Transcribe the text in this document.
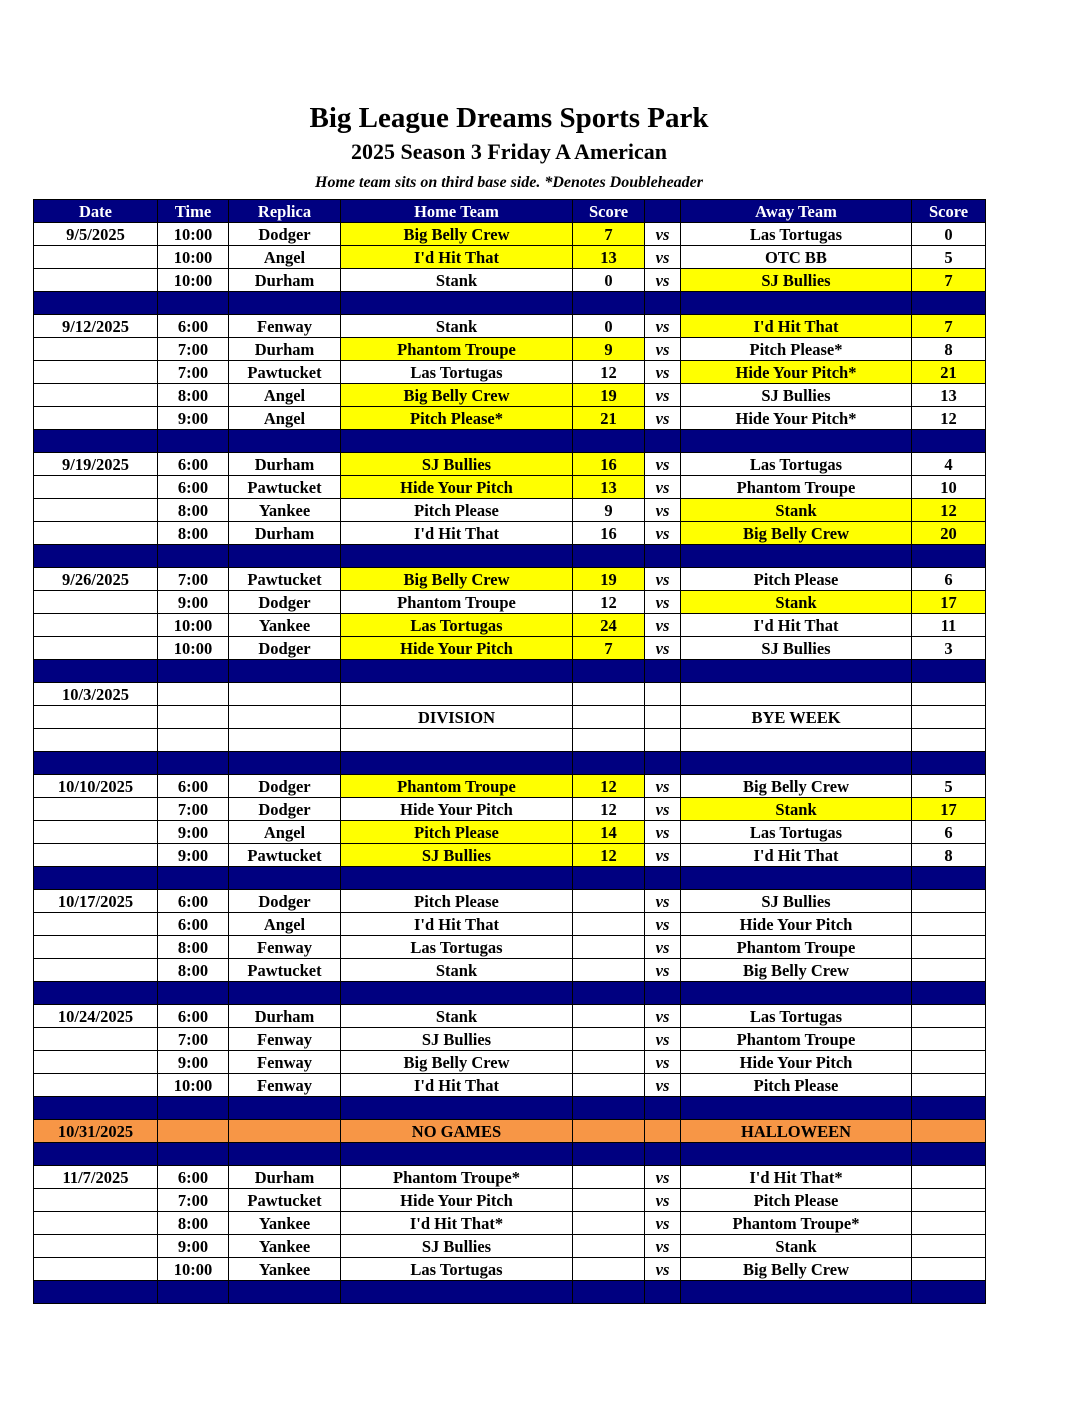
Big League Dreams Sports Park
2025 Season 3 Friday A American
Home team sits on third base side. *Denotes Doubleheader
Date	Time	Replica	Home Team	Score		Away Team	Score
9/5/2025	10:00	Dodger	Big Belly Crew	7	vs	Las Tortugas	0
	10:00	Angel	I'd Hit That	13	vs	OTC BB	5
	10:00	Durham	Stank	0	vs	SJ Bullies	7

9/12/2025	6:00	Fenway	Stank	0	vs	I'd Hit That	7
	7:00	Durham	Phantom Troupe	9	vs	Pitch Please*	8
	7:00	Pawtucket	Las Tortugas	12	vs	Hide Your Pitch*	21
	8:00	Angel	Big Belly Crew	19	vs	SJ Bullies	13
	9:00	Angel	Pitch Please*	21	vs	Hide Your Pitch*	12

9/19/2025	6:00	Durham	SJ Bullies	16	vs	Las Tortugas	4
	6:00	Pawtucket	Hide Your Pitch	13	vs	Phantom Troupe	10
	8:00	Yankee	Pitch Please	9	vs	Stank	12
	8:00	Durham	I'd Hit That	16	vs	Big Belly Crew	20

9/26/2025	7:00	Pawtucket	Big Belly Crew	19	vs	Pitch Please	6
	9:00	Dodger	Phantom Troupe	12	vs	Stank	17
	10:00	Yankee	Las Tortugas	24	vs	I'd Hit That	11
	10:00	Dodger	Hide Your Pitch	7	vs	SJ Bullies	3

10/3/2025							
			DIVISION			BYE WEEK	

10/10/2025	6:00	Dodger	Phantom Troupe	12	vs	Big Belly Crew	5
	7:00	Dodger	Hide Your Pitch	12	vs	Stank	17
	9:00	Angel	Pitch Please	14	vs	Las Tortugas	6
	9:00	Pawtucket	SJ Bullies	12	vs	I'd Hit That	8

10/17/2025	6:00	Dodger	Pitch Please		vs	SJ Bullies	
	6:00	Angel	I'd Hit That		vs	Hide Your Pitch	
	8:00	Fenway	Las Tortugas		vs	Phantom Troupe	
	8:00	Pawtucket	Stank		vs	Big Belly Crew	

10/24/2025	6:00	Durham	Stank		vs	Las Tortugas	
	7:00	Fenway	SJ Bullies		vs	Phantom Troupe	
	9:00	Fenway	Big Belly Crew		vs	Hide Your Pitch	
	10:00	Fenway	I'd Hit That		vs	Pitch Please	

10/31/2025			NO GAMES			HALLOWEEN	

11/7/2025	6:00	Durham	Phantom Troupe*		vs	I'd Hit That*	
	7:00	Pawtucket	Hide Your Pitch		vs	Pitch Please	
	8:00	Yankee	I'd Hit That*		vs	Phantom Troupe*	
	9:00	Yankee	SJ Bullies		vs	Stank	
	10:00	Yankee	Las Tortugas		vs	Big Belly Crew	
